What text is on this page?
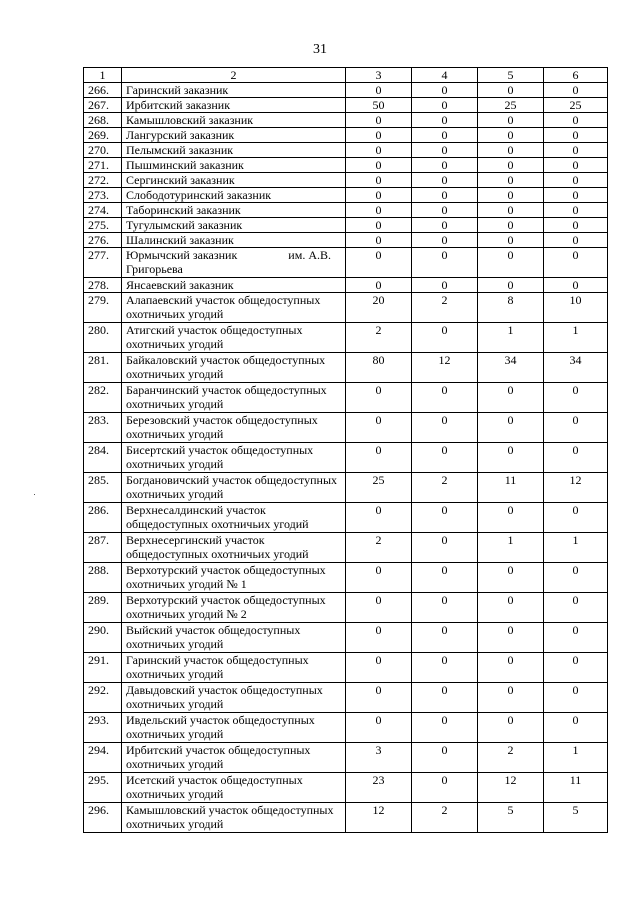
31
1	2	3	4	5	6
266.	Гаринский заказник	0	0	0	0
267.	Ирбитский заказник	50	0	25	25
268.	Камышловский заказник	0	0	0	0
269.	Лангурский заказник	0	0	0	0
270.	Пелымский заказник	0	0	0	0
271.	Пышминский заказник	0	0	0	0
272.	Сергинский заказник	0	0	0	0
273.	Слободотуринский заказник	0	0	0	0
274.	Таборинский заказник	0	0	0	0
275.	Тугулымский заказник	0	0	0	0
276.	Шалинский заказник	0	0	0	0
277.	Юрмычский заказник                 им. А.В. Григорьева	0	0	0	0
278.	Янсаевский заказник	0	0	0	0
279.	Алапаевский участок общедоступных охотничьих угодий	20	2	8	10
280.	Атигский участок общедоступных охотничьих угодий	2	0	1	1
281.	Байкаловский участок общедоступных охотничьих угодий	80	12	34	34
282.	Баранчинский участок общедоступных охотничьих угодий	0	0	0	0
283.	Березовский участок общедоступных охотничьих угодий	0	0	0	0
284.	Бисертский участок общедоступных охотничьих угодий	0	0	0	0
285.	Богдановичский участок общедоступных охотничьих угодий	25	2	11	12
286.	Верхнесалдинский участок общедоступных охотничьих угодий	0	0	0	0
287.	Верхнесергинский участок общедоступных охотничьих угодий	2	0	1	1
288.	Верхотурский участок общедоступных охотничьих угодий № 1	0	0	0	0
289.	Верхотурский участок общедоступных охотничьих угодий № 2	0	0	0	0
290.	Выйский участок общедоступных охотничьих угодий	0	0	0	0
291.	Гаринский участок общедоступных охотничьих угодий	0	0	0	0
292.	Давыдовский участок общедоступных охотничьих угодий	0	0	0	0
293.	Ивдельский участок общедоступных охотничьих угодий	0	0	0	0
294.	Ирбитский участок общедоступных охотничьих угодий	3	0	2	1
295.	Исетский участок общедоступных охотничьих угодий	23	0	12	11
296.	Камышловский участок общедоступных охотничьих угодий	12	2	5	5
